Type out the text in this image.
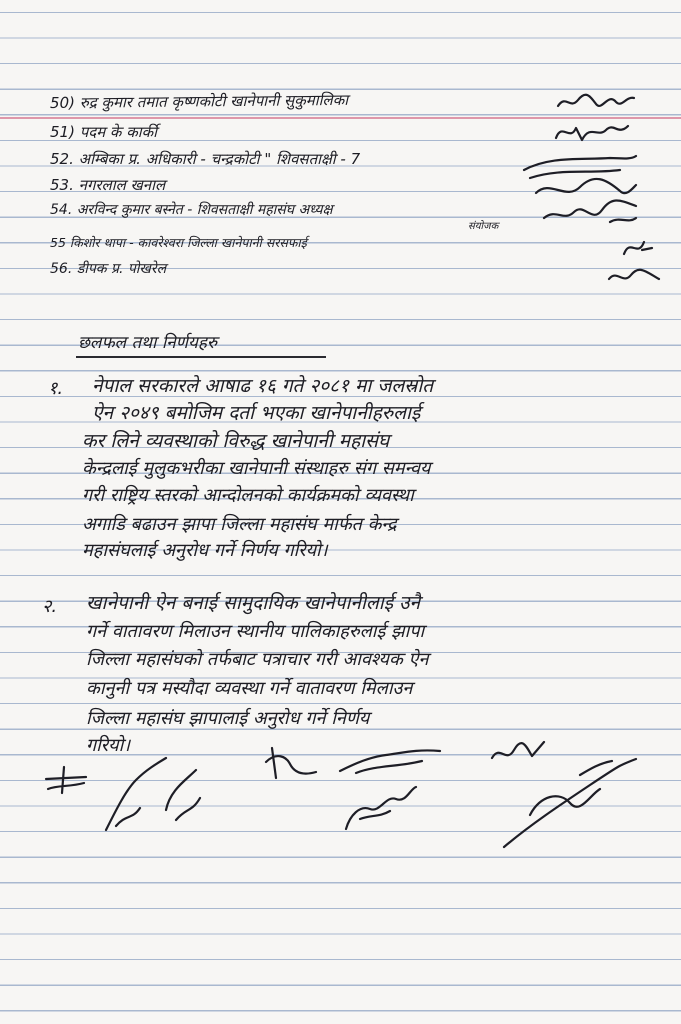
50) रुद्र कुमार तमात कृष्णकोटी खानेपानी सुकुमालिका
51) पदम के कार्की
52. अम्बिका प्र. अधिकारी - चन्द्रकोटी " शिवसताक्षी - 7
53. नगरलाल खनाल
54. अरविन्द कुमार बस्नेत - शिवसताक्षी महासंघ अध्यक्ष
55 किशोर थापा - कावरेश्वरा जिल्ला खानेपानी सरसफाई
संयोजक
56. डीपक प्र. पोखरेल
छलफल तथा निर्णयहरु
१. नेपाल सरकारले आषाढ १६ गते २०८१ मा जलस्रोत
ऐन २०४९ बमोजिम दर्ता भएका खानेपानीहरुलाई
कर लिने व्यवस्थाको विरुद्ध खानेपानी महासंघ
केन्द्रलाई मुलुकभरीका खानेपानी संस्थाहरु संग समन्वय
गरी राष्ट्रिय स्तरको आन्दोलनको कार्यक्रमको व्यवस्था
अगाडि बढाउन झापा जिल्ला महासंघ मार्फत केन्द्र
महासंघलाई अनुरोध गर्ने निर्णय गरियो।
२. खानेपानी ऐन बनाई सामुदायिक खानेपानीलाई उनै
गर्ने वातावरण मिलाउन स्थानीय पालिकाहरुलाई झापा
जिल्ला महासंघको तर्फबाट पत्राचार गरी आवश्यक ऐन
कानुनी पत्र मस्यौदा व्यवस्था गर्ने वातावरण मिलाउन
जिल्ला महासंघ झापालाई अनुरोध गर्ने निर्णय
गरियो।
